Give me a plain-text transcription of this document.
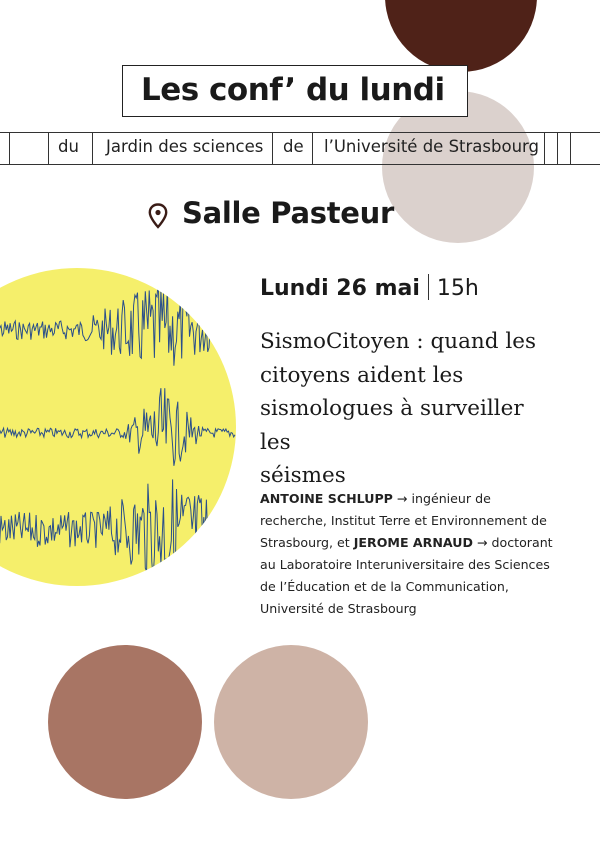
Les conf’ du lundi
du Jardin des sciences de l’Université de Strasbourg
Salle Pasteur
Lundi 26 mai 15h
SismoCitoyen : quand les
citoyens aident les
sismologues à surveiller les
séismes
ANTOINE SCHLUPP → ingénieur de recherche, Institut Terre et Environnement de Strasbourg, et JEROME ARNAUD → doctorant au Laboratoire Interuniversitaire des Sciences de l’Éducation et de la Communication, Université de Strasbourg
